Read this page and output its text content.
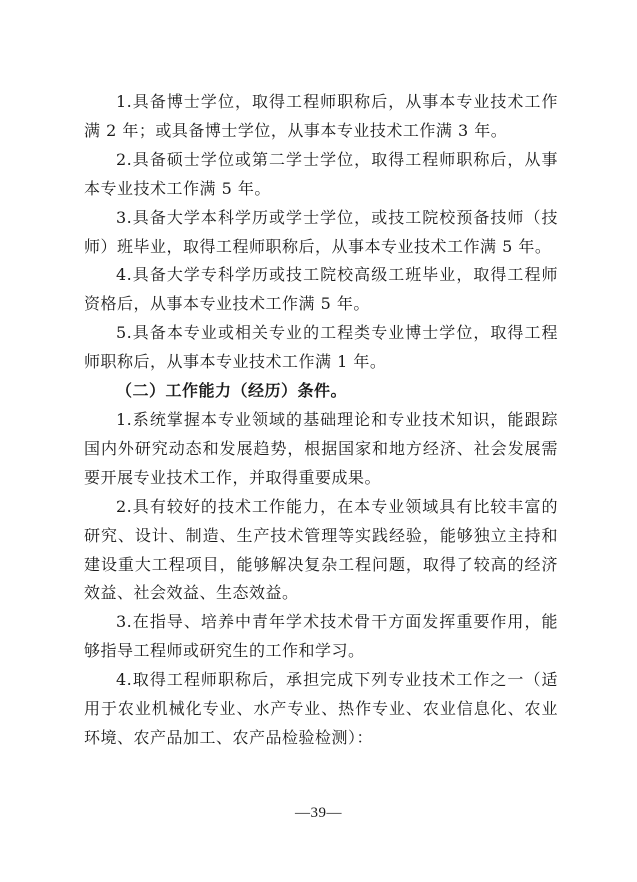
1.具备博士学位，取得工程师职称后，从事本专业技术工作满 2 年；或具备博士学位，从事本专业技术工作满 3 年。

2.具备硕士学位或第二学士学位，取得工程师职称后，从事本专业技术工作满 5 年。

3.具备大学本科学历或学士学位，或技工院校预备技师（技师）班毕业，取得工程师职称后，从事本专业技术工作满 5 年。

4.具备大学专科学历或技工院校高级工班毕业，取得工程师资格后，从事本专业技术工作满 5 年。

5.具备本专业或相关专业的工程类专业博士学位，取得工程师职称后，从事本专业技术工作满 1 年。

（二）工作能力（经历）条件。

1.系统掌握本专业领域的基础理论和专业技术知识，能跟踪国内外研究动态和发展趋势，根据国家和地方经济、社会发展需要开展专业技术工作，并取得重要成果。

2.具有较好的技术工作能力，在本专业领域具有比较丰富的研究、设计、制造、生产技术管理等实践经验，能够独立主持和建设重大工程项目，能够解决复杂工程问题，取得了较高的经济效益、社会效益、生态效益。

3.在指导、培养中青年学术技术骨干方面发挥重要作用，能够指导工程师或研究生的工作和学习。

4.取得工程师职称后，承担完成下列专业技术工作之一（适用于农业机械化专业、水产专业、热作专业、农业信息化、农业环境、农产品加工、农产品检验检测）：

—39—
